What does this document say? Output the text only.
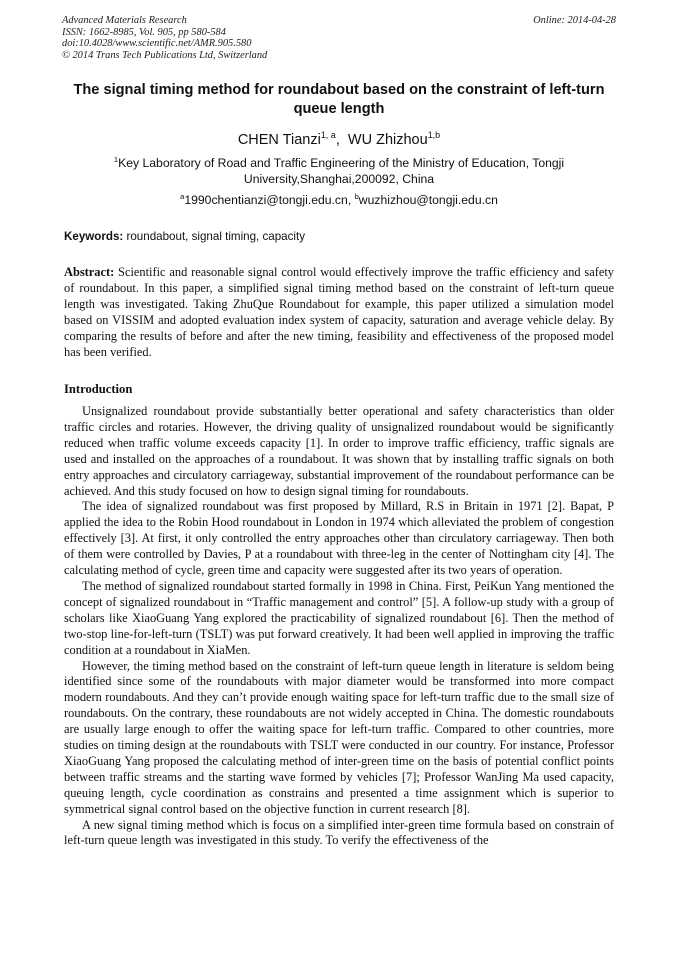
Advanced Materials Research
ISSN: 1662-8985, Vol. 905, pp 580-584
doi:10.4028/www.scientific.net/AMR.905.580
© 2014 Trans Tech Publications Ltd, Switzerland
Online: 2014-04-28
The signal timing method for roundabout based on the constraint of left-turn queue length
CHEN Tianzi$^{1, a}$,  WU Zhizhou$^{1,b}$
$^1$Key Laboratory of Road and Traffic Engineering of the Ministry of Education, Tongji University,Shanghai,200092, China
$^a$1990chentianzi@tongji.edu.cn, $^b$wuzhizhou@tongji.edu.cn
Keywords: roundabout, signal timing, capacity
Abstract: Scientific and reasonable signal control would effectively improve the traffic efficiency and safety of roundabout. In this paper, a simplified signal timing method based on the constraint of left-turn queue length was investigated. Taking ZhuQue Roundabout for example, this paper utilized a simulation model based on VISSIM and adopted evaluation index system of capacity, saturation and average vehicle delay. By comparing the results of before and after the new timing, feasibility and effectiveness of the proposed model has been verified.
Introduction

Unsignalized roundabout provide substantially better operational and safety characteristics than older traffic circles and rotaries. However, the driving quality of unsignalized roundabout would be significantly reduced when traffic volume exceeds capacity [1]. In order to improve traffic efficiency, traffic signals are used and installed on the approaches of a roundabout. It was shown that by installing traffic signals on both entry approaches and circulatory carriageway, substantial improvement of the roundabout performance can be achieved. And this study focused on how to design signal timing for roundabouts.

The idea of signalized roundabout was first proposed by Millard, R.S in Britain in 1971 [2]. Bapat, P applied the idea to the Robin Hood roundabout in London in 1974 which alleviated the problem of congestion effectively [3]. At first, it only controlled the entry approaches other than circulatory carriageway. Then both of them were controlled by Davies, P at a roundabout with three-leg in the center of Nottingham city [4]. The calculating method of cycle, green time and capacity were suggested after its two years of operation.

The method of signalized roundabout started formally in 1998 in China. First, PeiKun Yang mentioned the concept of signalized roundabout in “Traffic management and control” [5]. A follow-up study with a group of scholars like XiaoGuang Yang explored the practicability of signalized roundabout [6]. Then the method of two-stop line-for-left-turn (TSLT) was put forward creatively. It had been well applied in improving the traffic condition at a roundabout in XiaMen.

However, the timing method based on the constraint of left-turn queue length in literature is seldom being identified since some of the roundabouts with major diameter would be transformed into more compact modern roundabouts. And they can’t provide enough waiting space for left-turn traffic due to the small size of roundabouts. On the contrary, these roundabouts are not widely accepted in China. The domestic roundabouts are usually large enough to offer the waiting space for left-turn traffic. Compared to other countries, more studies on timing design at the roundabouts with TSLT were conducted in our country. For instance, Professor XiaoGuang Yang proposed the calculating method of inter-green time on the basis of potential conflict points between traffic streams and the starting wave formed by vehicles [7]; Professor WanJing Ma used capacity, queuing length, cycle coordination as constrains and presented a time assignment which is superior to symmetrical signal control based on the objective function in current research [8].

A new signal timing method which is focus on a simplified inter-green time formula based on constrain of left-turn queue length was investigated in this study. To verify the effectiveness of the
